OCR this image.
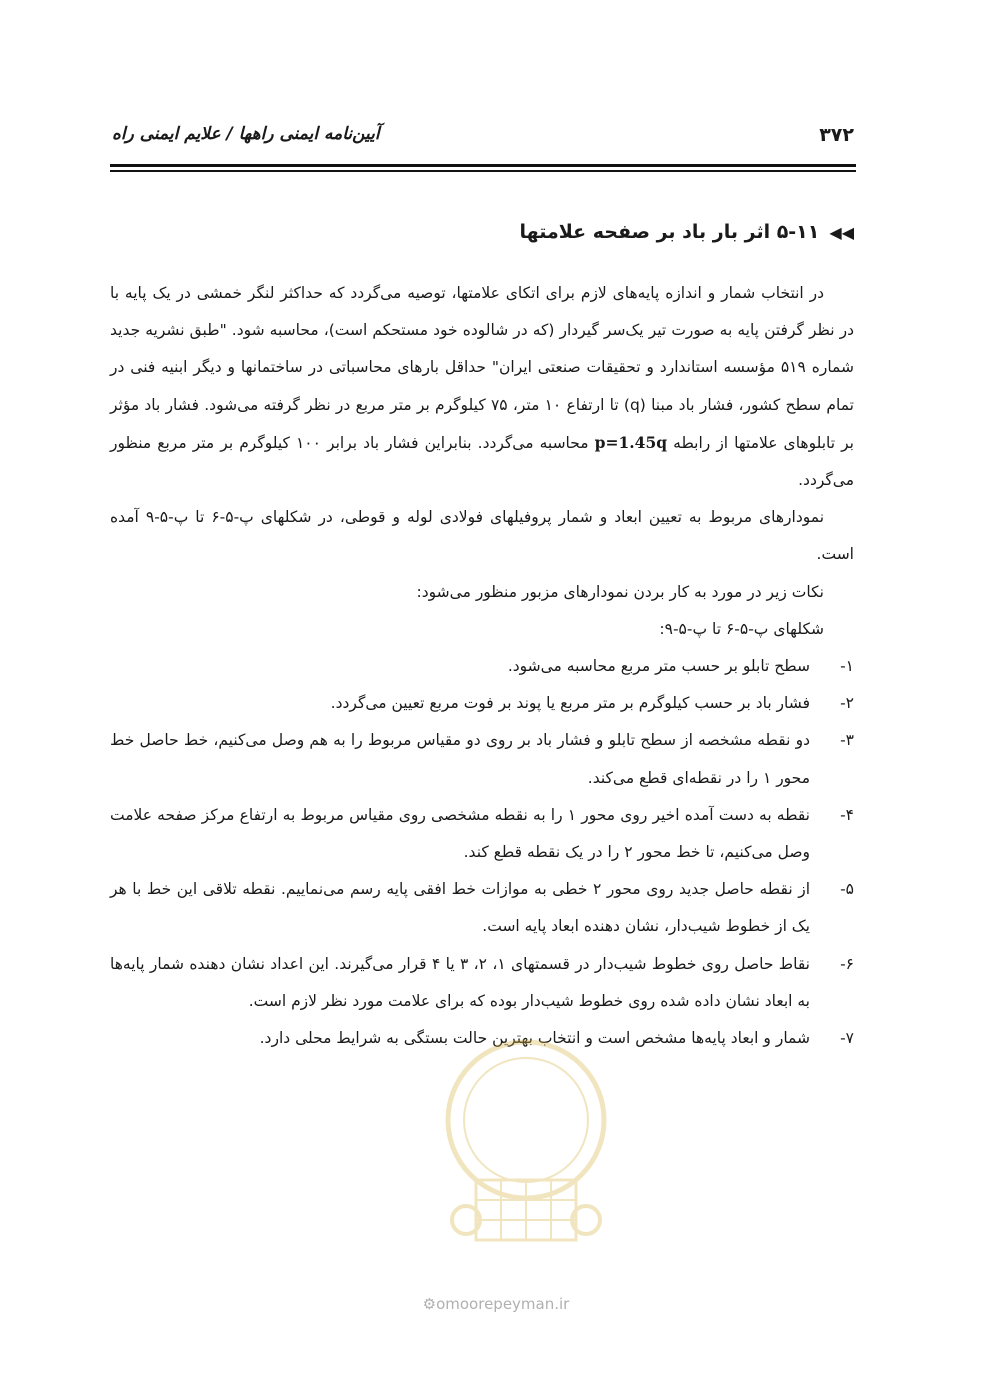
۳۷۲
آیین‌نامه ایمنی راهها / علایم ایمنی راه
◀◀۵-۱۱ اثر بار باد بر صفحه علامتها

در انتخاب شمار و اندازه پایه‌های لازم برای اتکای علامتها، توصیه می‌گردد که حداکثر لنگر خمشی در یک پایه با در نظر گرفتن پایه به صورت تیر یک‌سر گیردار (که در شالوده خود مستحکم است)، محاسبه شود. "طبق نشریه جدید شماره ۵۱۹ مؤسسه استاندارد و تحقیقات صنعتی ایران" حداقل بارهای محاسباتی در ساختمانها و دیگر ابنیه فنی در تمام سطح کشور، فشار باد مبنا (q) تا ارتفاع ۱۰ متر، ۷۵ کیلوگرم بر متر مربع در نظر گرفته می‌شود. فشار باد مؤثر بر تابلوهای علامتها از رابطه p=1.45q محاسبه می‌گردد. بنابراین فشار باد برابر ۱۰۰ کیلوگرم بر متر مربع منظور می‌گردد.

نمودارهای مربوط به تعیین ابعاد و شمار پروفیلهای فولادی لوله و قوطی، در شکلهای پ-۵-۶ تا پ-۵-۹ آمده است.

نکات زیر در مورد به کار بردن نمودارهای مزبور منظور می‌شود:

شکلهای پ-۵-۶ تا پ-۵-۹:

۱-
سطح تابلو بر حسب متر مربع محاسبه می‌شود.
۲-
فشار باد بر حسب کیلوگرم بر متر مربع یا پوند بر فوت مربع تعیین می‌گردد.
۳-
دو نقطه مشخصه از سطح تابلو و فشار باد بر روی دو مقیاس مربوط را به هم وصل می‌کنیم، خط حاصل خط محور ۱ را در نقطه‌ای قطع می‌کند.
۴-
نقطه به دست آمده اخیر روی محور ۱ را به نقطه مشخصی روی مقیاس مربوط به ارتفاع مرکز صفحه علامت وصل می‌کنیم، تا خط محور ۲ را در یک نقطه قطع کند.
۵-
از نقطه حاصل جدید روی محور ۲ خطی به موازات خط افقی پایه رسم می‌نماییم. نقطه تلاقی این خط با هر یک از خطوط شیب‌دار، نشان دهنده ابعاد پایه است.
۶-
نقاط حاصل روی خطوط شیب‌دار در قسمتهای ۱، ۲، ۳ یا ۴ قرار می‌گیرند. این اعداد نشان دهنده شمار پایه‌ها به ابعاد نشان داده شده روی خطوط شیب‌دار بوده که برای علامت مورد نظر لازم است.
۷-
شمار و ابعاد پایه‌ها مشخص است و انتخاب بهترین حالت بستگی به شرایط محلی دارد.
⚙omoorepeyman.ir
